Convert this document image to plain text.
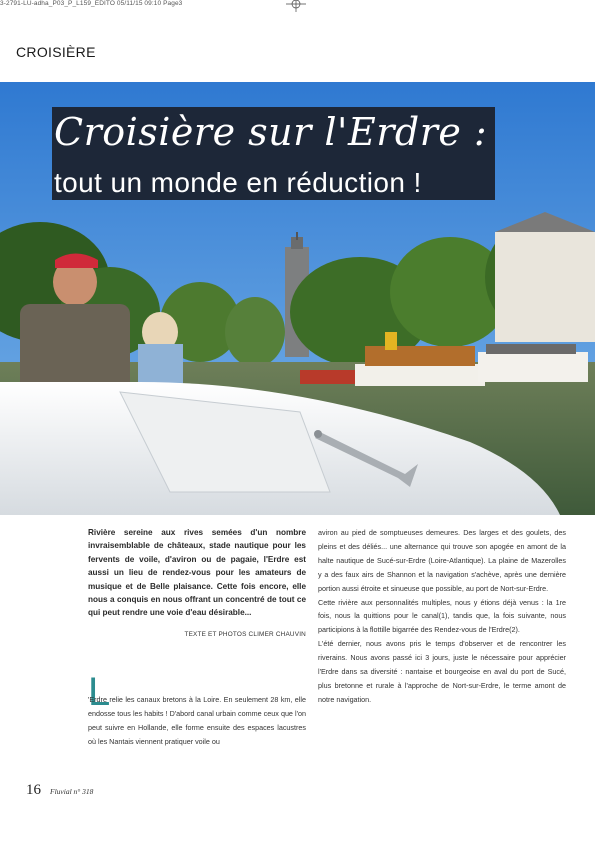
3-2791-LU-adha_P03_P_L159_EDITO 05/11/15 09:10 Page3
CROISIÈRE
Croisière sur l'Erdre :
tout un monde en réduction !

Rivière sereine aux rives semées d'un nombre invraisemblable de châteaux, stade nautique pour les fervents de voile, d'aviron ou de pagaie, l'Erdre est aussi un lieu de rendez-vous pour les amateurs de musique et de Belle plaisance. Cette fois encore, elle nous a conquis en nous offrant un concentré de tout ce qui peut rendre une voie d'eau désirable...

TEXTE ET PHOTOS CLIMER CHAUVIN

L

'Erdre relie les canaux bretons à la Loire. En seulement 28 km, elle endosse tous les habits ! D'abord canal urbain comme ceux que l'on peut suivre en Hollande, elle forme ensuite des espaces lacustres où les Nantais viennent pratiquer voile ou

aviron au pied de somptueuses demeures. Des larges et des goulets, des pleins et des déliés... une alternance qui trouve son apogée en amont de la halte nautique de Sucé-sur-Erdre (Loire-Atlantique). La plaine de Mazerolles y a des faux airs de Shannon et la navigation s'achève, après une dernière portion aussi étroite et sinueuse que possible, au port de Nort-sur-Erdre.

Cette rivière aux personnalités multiples, nous y étions déjà venus : la 1re fois, nous la quittions pour le canal(1), tandis que, la fois suivante, nous participions à la flottille bigarrée des Rendez-vous de l'Erdre(2).

L'été dernier, nous avons pris le temps d'observer et de rencontrer les riverains. Nous avons passé ici 3 jours, juste le nécessaire pour apprécier l'Erdre dans sa diversité : nantaise et bourgeoise en aval du port de Sucé, plus bretonne et rurale à l'approche de Nort-sur-Erdre, le terme amont de notre navigation.

16 Fluvial n° 318
